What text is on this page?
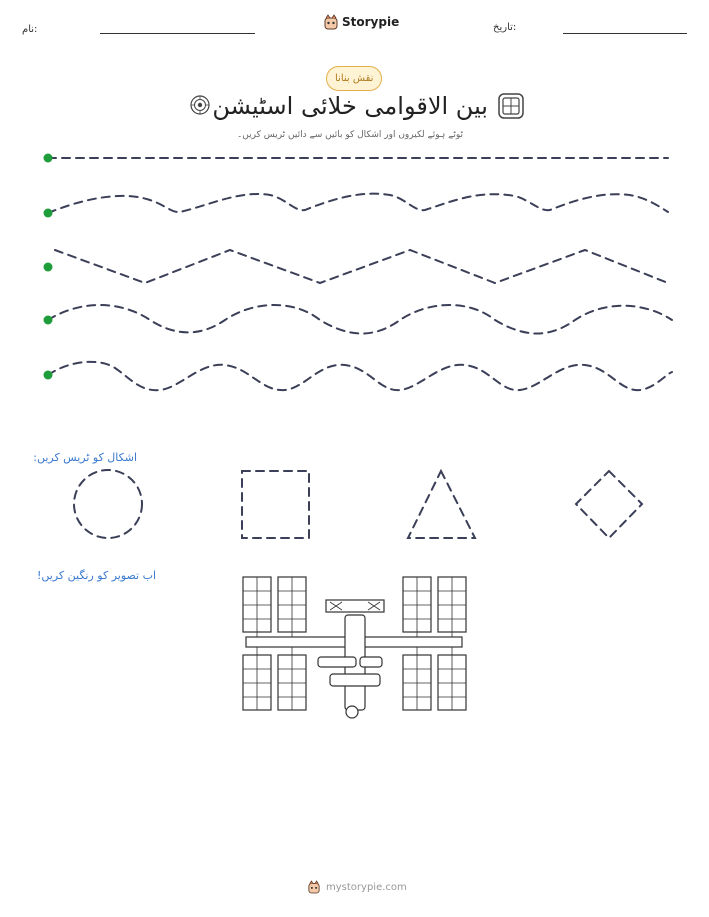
نام:
Storypie	تاریخ:
نقش بنانا
بین الاقوامی خلائی اسٹیشن
ٹوٹے ہوئے لکیروں اور اشکال کو بائیں سے دائیں ٹریس کریں۔
اشکال کو ٹریس کریں:
اب تصویر کو رنگین کریں!
mystorypie.com
